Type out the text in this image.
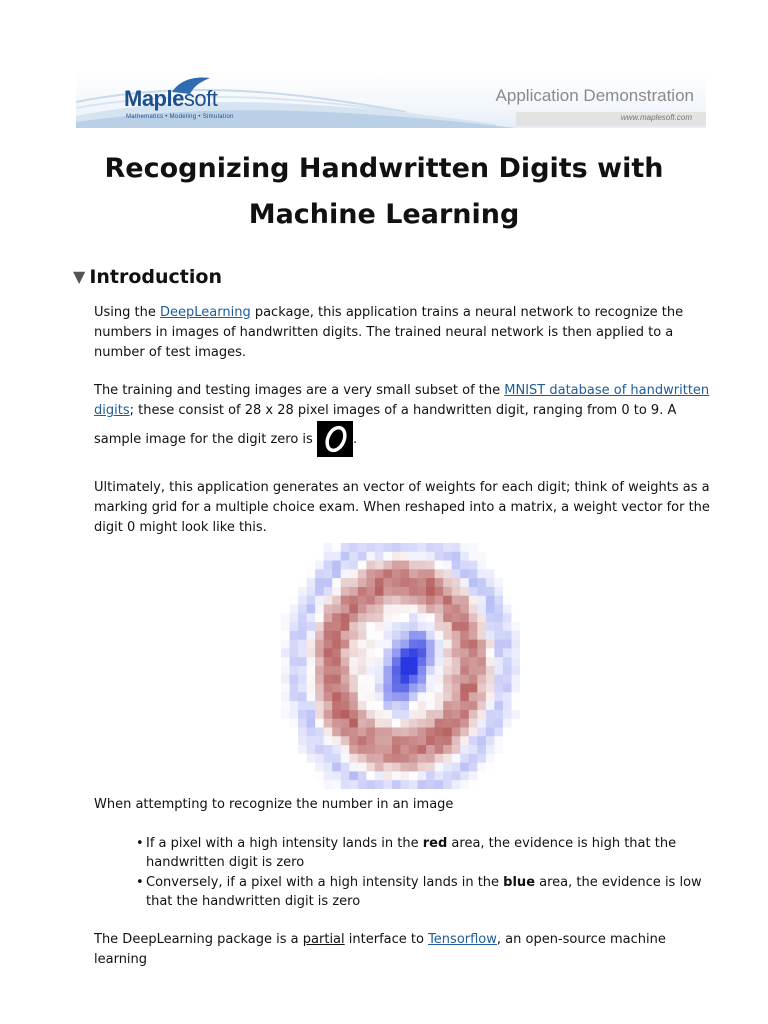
Maplesoft
Mathematics • Modeling • Simulation
Application Demonstration
www.maplesoft.com
Recognizing Handwritten Digits with
Machine Learning
▼ Introduction
Using the DeepLearning package, this application trains a neural network to recognize the numbers in images of handwritten digits. The trained neural network is then applied to a number of test images.
The training and testing images are a very small subset of the MNIST database of handwritten digits; these consist of 28 x 28 pixel images of a handwritten digit, ranging from 0 to 9. A sample image for the digit zero is	.
Ultimately, this application generates an vector of weights for each digit; think of weights as a marking grid for a multiple choice exam. When reshaped into a matrix, a weight vector for the digit 0 might look like this.
When attempting to recognize the number in an image
• If a pixel with a high intensity lands in the red area, the evidence is high that the handwritten digit is zero
• Conversely, if a pixel with a high intensity lands in the blue area, the evidence is low that the handwritten digit is zero
The DeepLearning package is a partial interface to Tensorflow, an open-source machine learning
